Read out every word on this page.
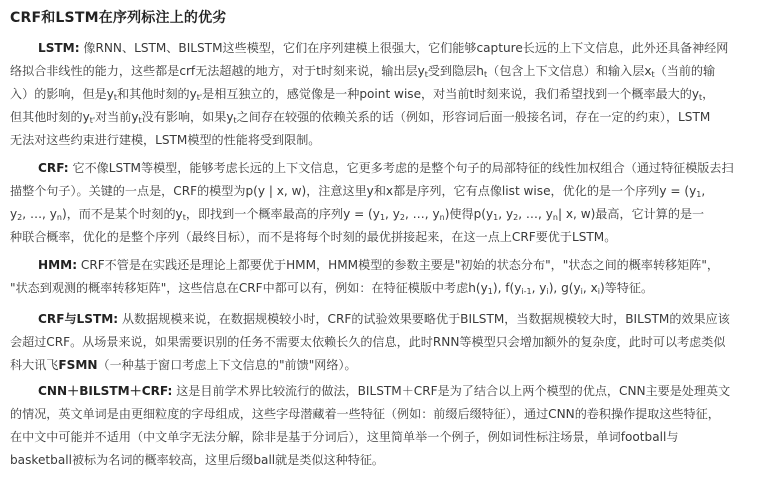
CRF和LSTM在序列标注上的优劣
LSTM: 像RNN、LSTM、BILSTM这些模型，它们在序列建模上很强大，它们能够capture长远的上下文信息，此外还具备神经网
络拟合非线性的能力，这些都是crf无法超越的地方，对于t时刻来说，输出层$y_t$受到隐层$h_t$（包含上下文信息）和输入层$x_t$（当前的输
入）的影响，但是$y_t$和其他时刻的$y_{t'}$是相互独立的，感觉像是一种point wise，对当前t时刻来说，我们希望找到一个概率最大的$y_t$，
但其他时刻的$y_{t'}$对当前$y_t$没有影响，如果$y_t$之间存在较强的依赖关系的话（例如，形容词后面一般接名词，存在一定的约束），LSTM
无法对这些约束进行建模，LSTM模型的性能将受到限制。
CRF: 它不像LSTM等模型，能够考虑长远的上下文信息，它更多考虑的是整个句子的局部特征的线性加权组合（通过特征模版去扫
描整个句子）。关键的一点是，CRF的模型为p(y | x, w)，注意这里y和x都是序列，它有点像list wise，优化的是一个序列$y = (y_1$,
$y_2$, …, $y_n$)，而不是某个时刻的$y_t$，即找到一个概率最高的序列$y = (y_1$, $y_2$, …, $y_n$)使得$p(y_1$, $y_2$, …, $y_n|$ x, w)最高，它计算的是一
种联合概率，优化的是整个序列（最终目标），而不是将每个时刻的最优拼接起来，在这一点上CRF要优于LSTM。
HMM: CRF不管是在实践还是理论上都要优于HMM，HMM模型的参数主要是"初始的状态分布"，"状态之间的概率转移矩阵"，
"状态到观测的概率转移矩阵"，这些信息在CRF中都可以有，例如：在特征模版中考虑$h(y_1)$, $f(y_{i-1}$, $y_i$), $g(y_i$, $x_i$)等特征。
CRF与LSTM: 从数据规模来说，在数据规模较小时，CRF的试验效果要略优于BILSTM，当数据规模较大时，BILSTM的效果应该
会超过CRF。从场景来说，如果需要识别的任务不需要太依赖长久的信息，此时RNN等模型只会增加额外的复杂度，此时可以考虑类似
科大讯飞FSMN（一种基于窗口考虑上下文信息的"前馈"网络）。
CNN＋BILSTM＋CRF: 这是目前学术界比较流行的做法，BILSTM＋CRF是为了结合以上两个模型的优点，CNN主要是处理英文
的情况，英文单词是由更细粒度的字母组成，这些字母潜藏着一些特征（例如：前缀后缀特征），通过CNN的卷积操作提取这些特征，
在中文中可能并不适用（中文单字无法分解，除非是基于分词后），这里简单举一个例子，例如词性标注场景，单词football与
basketball被标为名词的概率较高，这里后缀ball就是类似这种特征。
